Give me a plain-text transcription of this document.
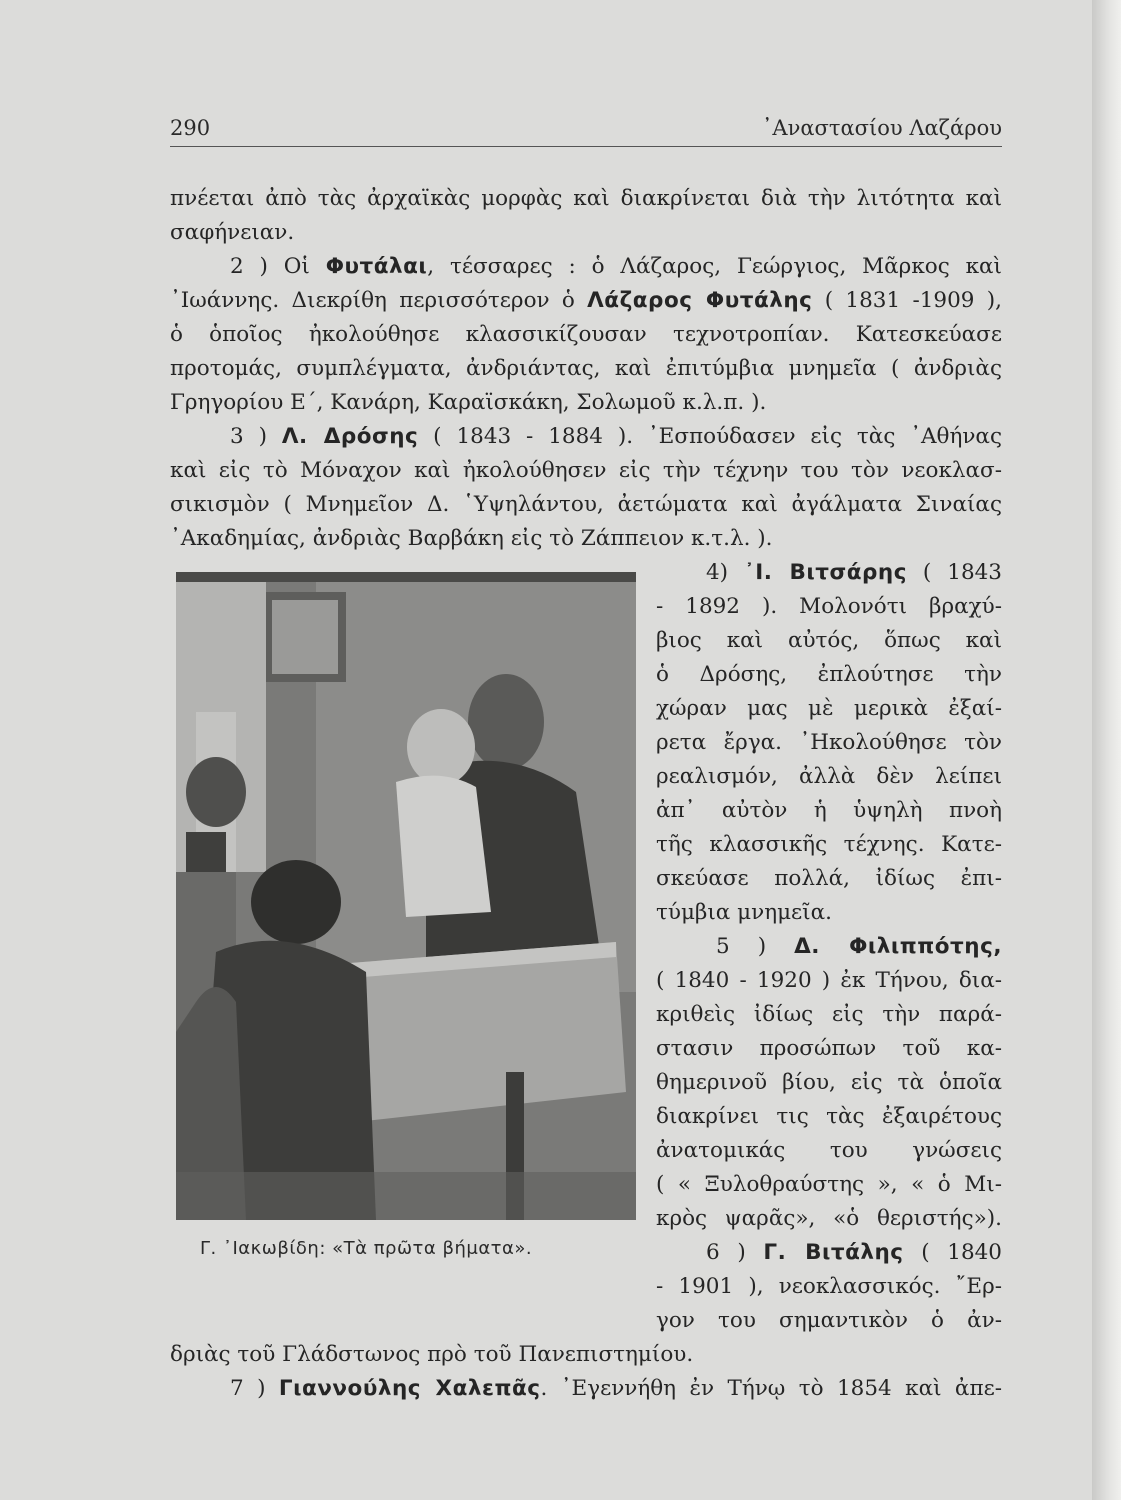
290	᾿Αναστασίου Λαζάρου
πνέεται ἀπὸ τὰς ἀρχαϊκὰς μορφὰς καὶ διακρίνεται διὰ τὴν λιτότητα καὶ
σαφήνειαν.
2 ) Οἱ Φυτάλαι, τέσσαρες : ὁ Λάζαρος, Γεώργιος, Μᾶρκος καὶ
᾿Ιωάννης. Διεκρίθη περισσότερον ὁ Λάζαρος Φυτάλης ( 1831 -1909 ),
ὁ ὁποῖος ἠκολούθησε κλασσικίζουσαν τεχνοτροπίαν. Κατεσκεύασε
προτομάς, συμπλέγματα, ἀνδριάντας, καὶ ἐπιτύμβια μνημεῖα ( ἀνδριὰς
Γρηγορίου Ε΄, Κανάρη, Καραϊσκάκη, Σολωμοῦ κ.λ.π. ).
3 ) Λ. Δρόσης ( 1843 - 1884 ). ᾿Εσπούδασεν εἰς τὰς ᾿Αθήνας
καὶ εἰς τὸ Μόναχον καὶ ἠκολούθησεν εἰς τὴν τέχνην του τὸν νεοκλασ-
σικισμὸν ( Μνημεῖον Δ. ῾Υψηλάντου, ἀετώματα καὶ ἀγάλματα Σιναίας
᾿Ακαδημίας, ἀνδριὰς Βαρβάκη εἰς τὸ Ζάππειον κ.τ.λ. ).
4) ᾿Ι. Βιτσάρης ( 1843
- 1892 ). Μολονότι βραχύ-
βιος καὶ αὐτός, ὅπως καὶ
ὁ Δρόσης, ἐπλούτησε τὴν
χώραν μας μὲ μερικὰ ἐξαί-
ρετα ἔργα. ᾿Ηκολούθησε τὸν
ρεαλισμόν, ἀλλὰ δὲν λείπει
ἀπ᾿ αὐτὸν ἡ ὑψηλὴ πνοὴ
τῆς κλασσικῆς τέχνης. Κατε-
σκεύασε πολλά, ἰδίως ἐπι-
τύμβια μνημεῖα.
5 ) Δ. Φιλιππότης,
( 1840 - 1920 ) ἐκ Τήνου, δια-
κριθεὶς ἰδίως εἰς τὴν παρά-
στασιν προσώπων τοῦ κα-
θημερινοῦ βίου, εἰς τὰ ὁποῖα
διακρίνει τις τὰς ἐξαιρέτους
ἀνατομικάς του γνώσεις
( « Ξυλοθραύστης », « ὁ Μι-
κρὸς ψαρᾶς», «ὁ θεριστής»).
6 ) Γ. Βιτάλης ( 1840
- 1901 ), νεοκλασσικός. ῎Ερ-
γον του σημαντικὸν ὁ ἀν-
δριὰς τοῦ Γλάδστωνος πρὸ τοῦ Πανεπιστημίου.
7 ) Γιαννούλης Χαλεπᾶς. ᾿Εγεννήθη ἐν Τήνῳ τὸ 1854 καὶ ἀπε-
Γ. ᾿Ιακωβίδη: «Τὰ πρῶτα βήματα».
